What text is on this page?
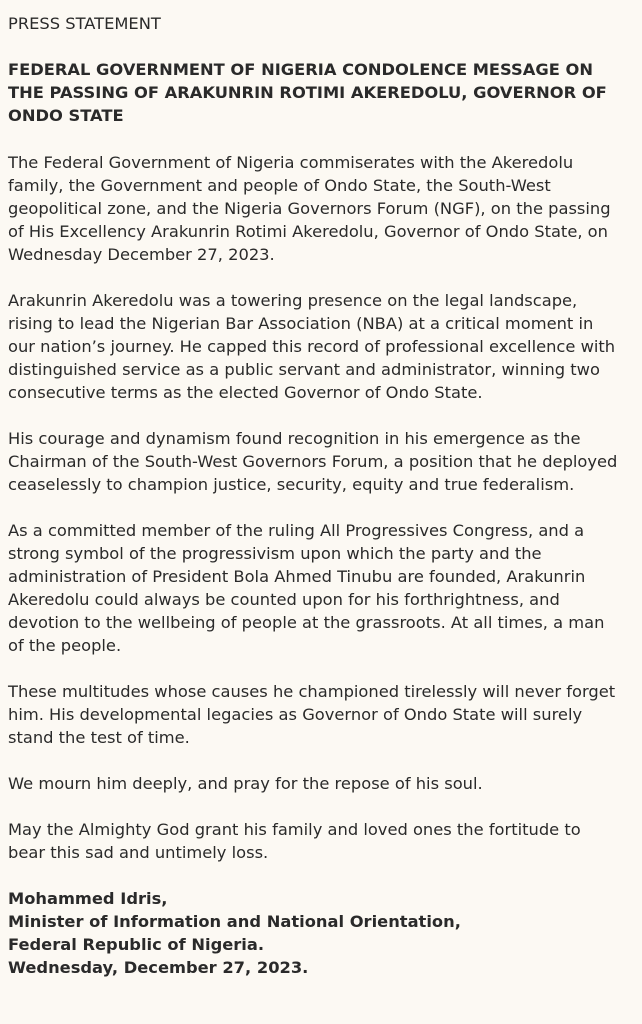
PRESS STATEMENT
FEDERAL GOVERNMENT OF NIGERIA CONDOLENCE MESSAGE ON THE PASSING OF ARAKUNRIN ROTIMI AKEREDOLU, GOVERNOR OF ONDO STATE
The Federal Government of Nigeria commiserates with the Akeredolu family, the Government and people of Ondo State, the South-West geopolitical zone, and the Nigeria Governors Forum (NGF), on the passing of His Excellency Arakunrin Rotimi Akeredolu, Governor of Ondo State, on Wednesday December 27, 2023.
Arakunrin Akeredolu was a towering presence on the legal landscape, rising to lead the Nigerian Bar Association (NBA) at a critical moment in our nation’s journey. He capped this record of professional excellence with distinguished service as a public servant and administrator, winning two consecutive terms as the elected Governor of Ondo State.
His courage and dynamism found recognition in his emergence as the Chairman of the South-West Governors Forum, a position that he deployed ceaselessly to champion justice, security, equity and true federalism.
As a committed member of the ruling All Progressives Congress, and a strong symbol of the progressivism upon which the party and the administration of President Bola Ahmed Tinubu are founded, Arakunrin Akeredolu could always be counted upon for his forthrightness, and devotion to the wellbeing of people at the grassroots. At all times, a man of the people.
These multitudes whose causes he championed tirelessly will never forget him. His developmental legacies as Governor of Ondo State will surely stand the test of time.
We mourn him deeply, and pray for the repose of his soul.
May the Almighty God grant his family and loved ones the fortitude to bear this sad and untimely loss.
Mohammed Idris,
Minister of Information and National Orientation,
Federal Republic of Nigeria.
Wednesday, December 27, 2023.
